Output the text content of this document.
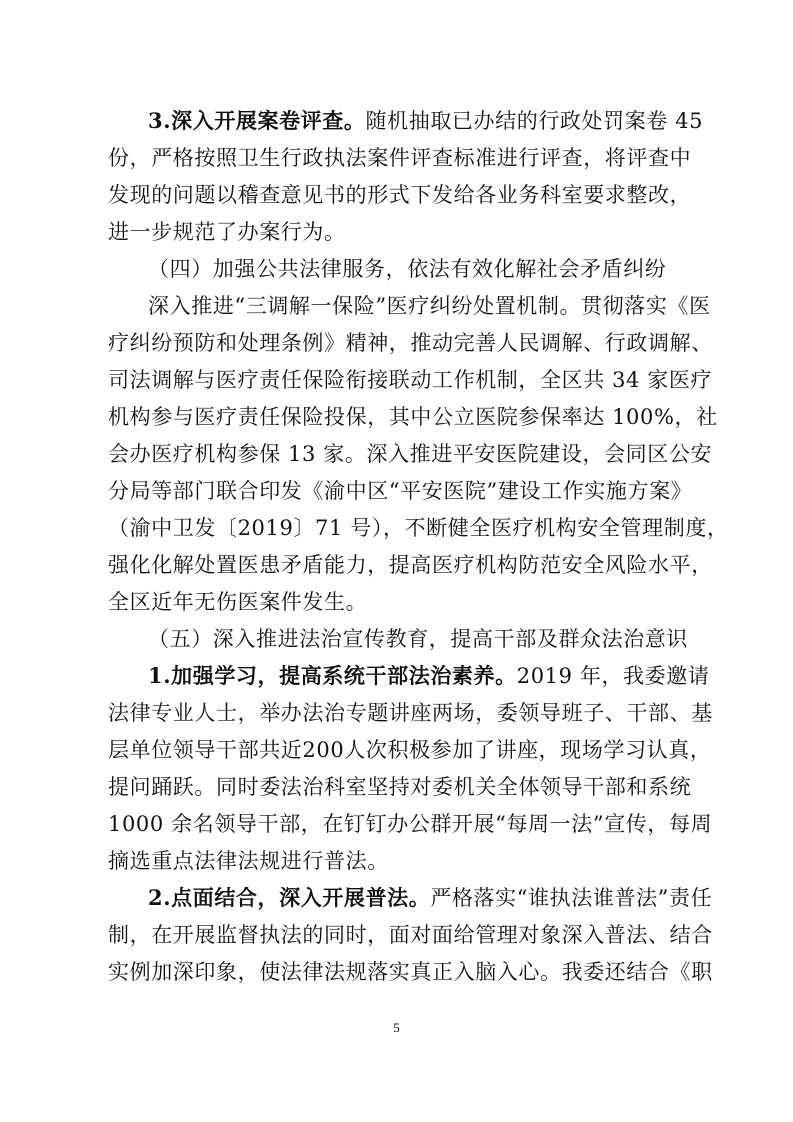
3.深入开展案卷评查。随机抽取已办结的行政处罚案卷 45
份，严格按照卫生行政执法案件评查标准进行评查，将评查中
发现的问题以稽查意见书的形式下发给各业务科室要求整改，
进一步规范了办案行为。
（四）加强公共法律服务，依法有效化解社会矛盾纠纷
深入推进“三调解一保险”医疗纠纷处置机制。贯彻落实《医
疗纠纷预防和处理条例》精神，推动完善人民调解、行政调解、
司法调解与医疗责任保险衔接联动工作机制，全区共 34 家医疗
机构参与医疗责任保险投保，其中公立医院参保率达 100%，社
会办医疗机构参保 13 家。深入推进平安医院建设，会同区公安
分局等部门联合印发《渝中区“平安医院”建设工作实施方案》
（渝中卫发〔2019〕71 号），不断健全医疗机构安全管理制度，
强化化解处置医患矛盾能力，提高医疗机构防范安全风险水平，
全区近年无伤医案件发生。
（五）深入推进法治宣传教育，提高干部及群众法治意识
1.加强学习，提高系统干部法治素养。2019 年，我委邀请
法律专业人士，举办法治专题讲座两场，委领导班子、干部、基
层单位领导干部共近200人次积极参加了讲座，现场学习认真，
提问踊跃。同时委法治科室坚持对委机关全体领导干部和系统
1000 余名领导干部，在钉钉办公群开展“每周一法”宣传，每周
摘选重点法律法规进行普法。
2.点面结合，深入开展普法。严格落实“谁执法谁普法”责任
制，在开展监督执法的同时，面对面给管理对象深入普法、结合
实例加深印象，使法律法规落实真正入脑入心。我委还结合《职
5
